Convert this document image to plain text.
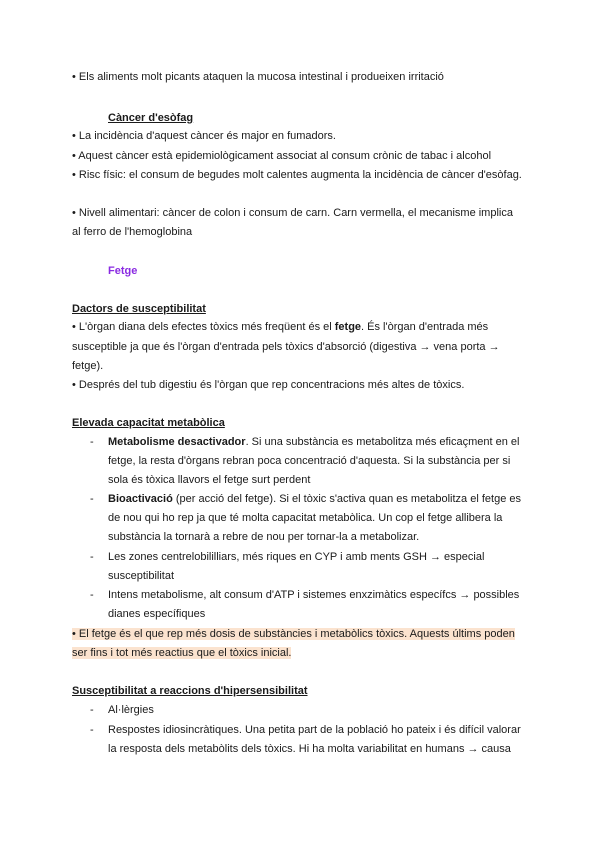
• Els aliments molt picants ataquen la mucosa intestinal i produeixen irritació
Càncer d'esòfag
• La incidència d'aquest càncer és major en fumadors.
• Aquest càncer està epidemiològicament associat al consum crònic de tabac i alcohol
• Risc físic: el consum de begudes molt calentes augmenta la incidència de càncer d'esòfag.
• Nivell alimentari: càncer de colon i consum de carn. Carn vermella, el mecanisme implica
al ferro de l'hemoglobina
Fetge
Dactors de susceptibilitat
• L'òrgan diana dels efectes tòxics més freqüent és el fetge. És l'òrgan d'entrada més
susceptible ja que és l'òrgan d'entrada pels tòxics d'absorció (digestiva → vena porta →
fetge).
• Després del tub digestiu és l'òrgan que rep concentracions més altes de tòxics.
Elevada capacitat metabòlica
- Metabolisme desactivador. Si una substància es metabolitza més eficaçment en el
fetge, la resta d'òrgans rebran poca concentració d'aquesta. Si la substància per si
sola és tòxica llavors el fetge surt perdent
- Bioactivació (per acció del fetge). Si el tòxic s'activa quan es metabolitza el fetge es
de nou qui ho rep ja que té molta capacitat metabòlica. Un cop el fetge allibera la
substància la tornarà a rebre de nou per tornar-la a metabolizar.
- Les zones centrelobililliars, més riques en CYP i amb ments GSH → especial
susceptibilitat
- Intens metabolisme, alt consum d'ATP i sistemes enxzimàtics específcs → possibles
dianes específiques
• El fetge és el que rep més dosis de substàncies i metabòlics tòxics. Aquests últims poden
ser fins i tot més reactius que el tòxics inicial.
Susceptibilitat a reaccions d'hipersensibilitat
- Al·lèrgies
- Respostes idiosincràtiques. Una petita part de la població ho pateix i és difícil valorar
la resposta dels metabòlits dels tòxics. Hi ha molta variabilitat en humans → causa
